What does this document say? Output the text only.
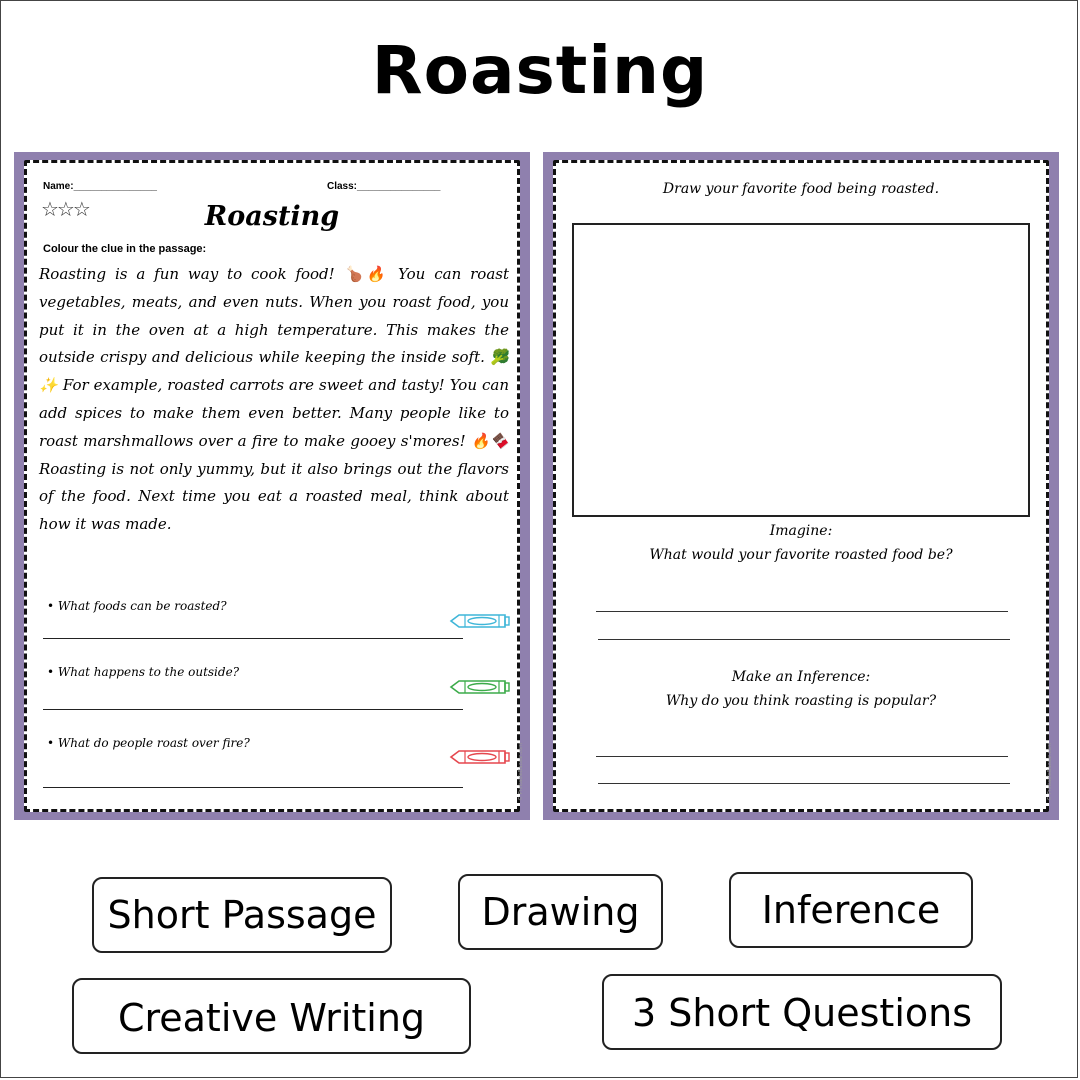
Roasting
Name:_______________	Class:_______________
☆☆☆	Roasting
Colour the clue in the passage:
Roasting is a fun way to cook food! 🍗🔥 You can roast vegetables, meats, and even nuts. When you roast food, you put it in the oven at a high temperature. This makes the outside crispy and delicious while keeping the inside soft. 🥦✨ For example, roasted carrots are sweet and tasty! You can add spices to make them even better. Many people like to roast marshmallows over a fire to make gooey s'mores! 🔥🍫 Roasting is not only yummy, but it also brings out the flavors of the food. Next time you eat a roasted meal, think about how it was made.
• What foods can be roasted?
• What happens to the outside?
• What do people roast over fire?	© PrintableBazaar.com
Draw your favorite food being roasted.
Imagine:
What would your favorite roasted food be?
Make an Inference:
Why do you think roasting is popular?
© PrintableBazaar.com
Short Passage	Drawing	Inference
Creative Writing	3 Short Questions
